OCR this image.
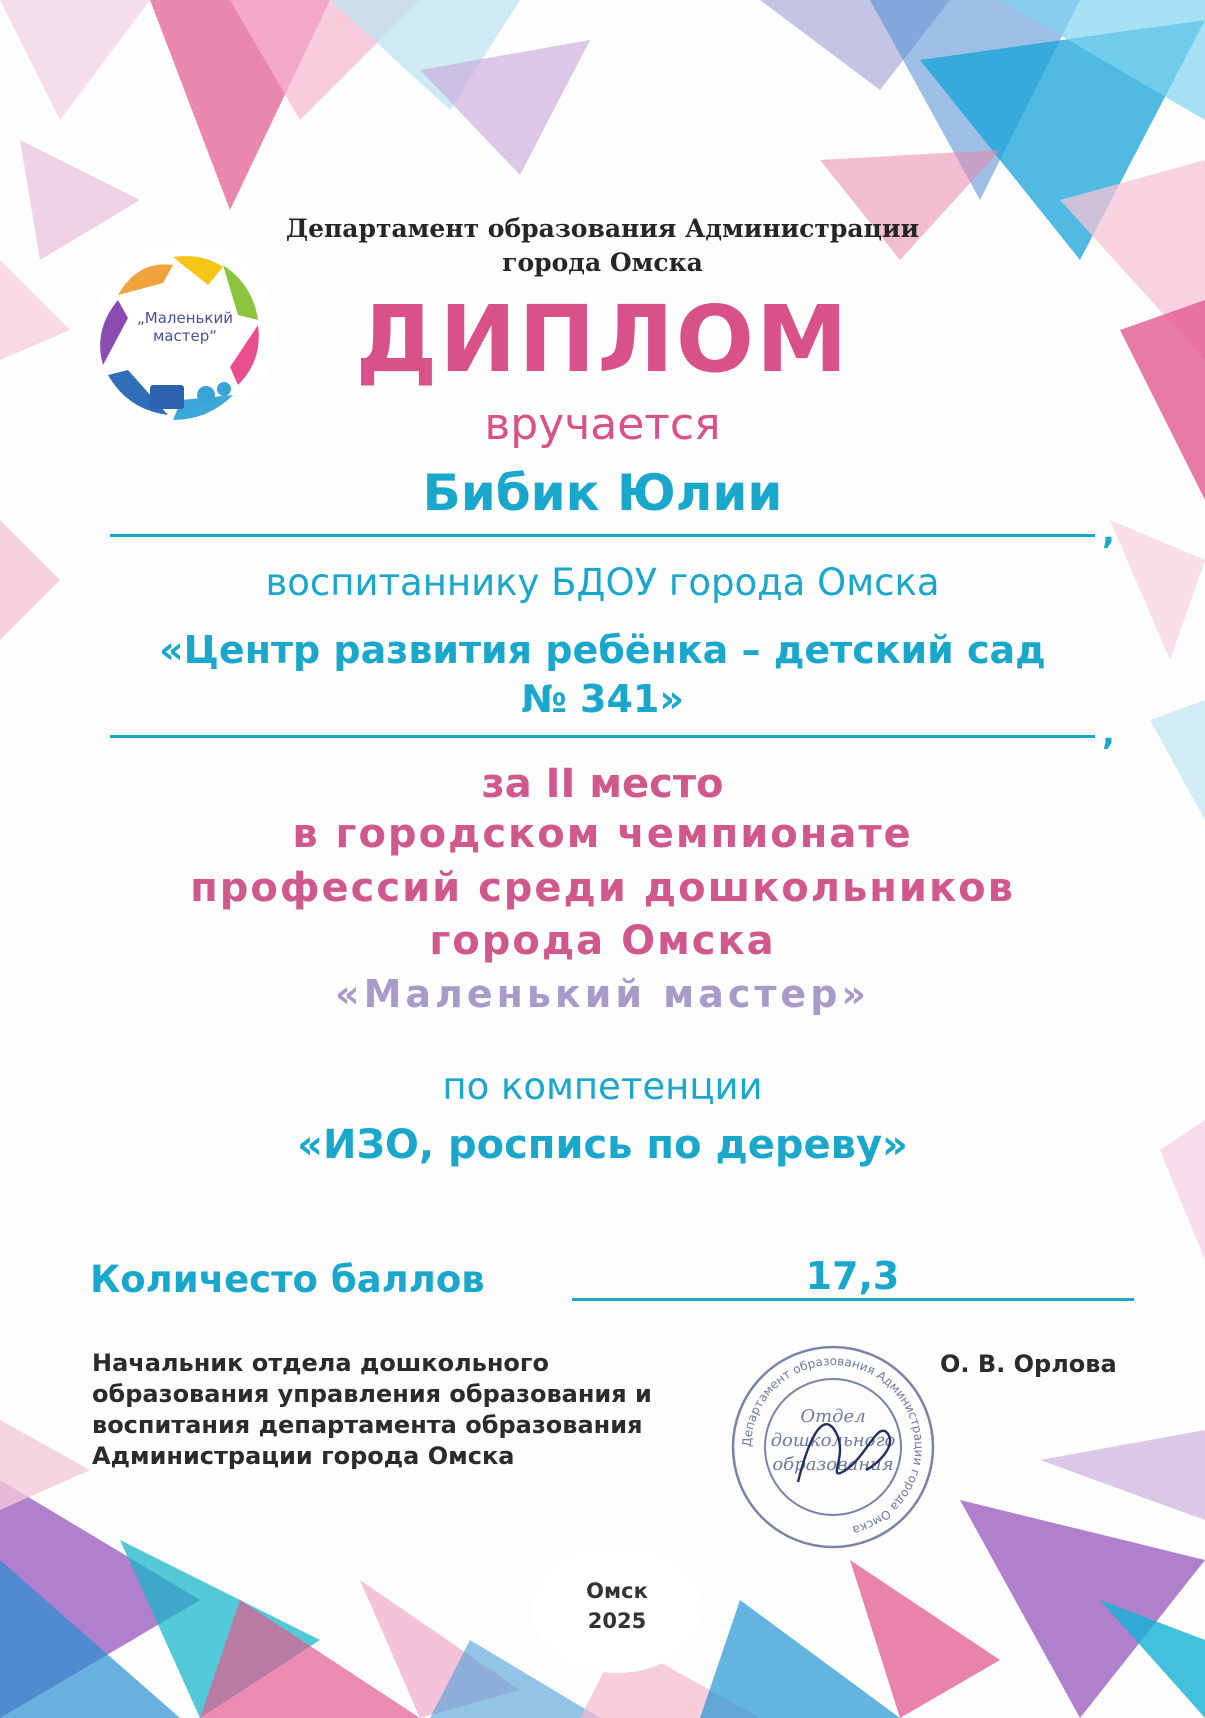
„Маленький
мастер“
Департамент образования Администрации
города Омска
ДИПЛОМ
вручается
Бибик Юлии
,
воспитаннику БДОУ города Омска
«Центр развития ребёнка – детский сад
№ 341»
,
за II место
в городском чемпионате
профессий среди дошкольников
города Омска
«Маленький мастер»
по компетенции
«ИЗО, роспись по дереву»
Количесто баллов	17,3
Начальник отдела дошкольного
образования управления образования и
воспитания департамента образования
Администрации города Омска
О. В. Орлова
Департамент образования Администрации города Омска
Отдел
дошкольного
образования
Омск
2025
